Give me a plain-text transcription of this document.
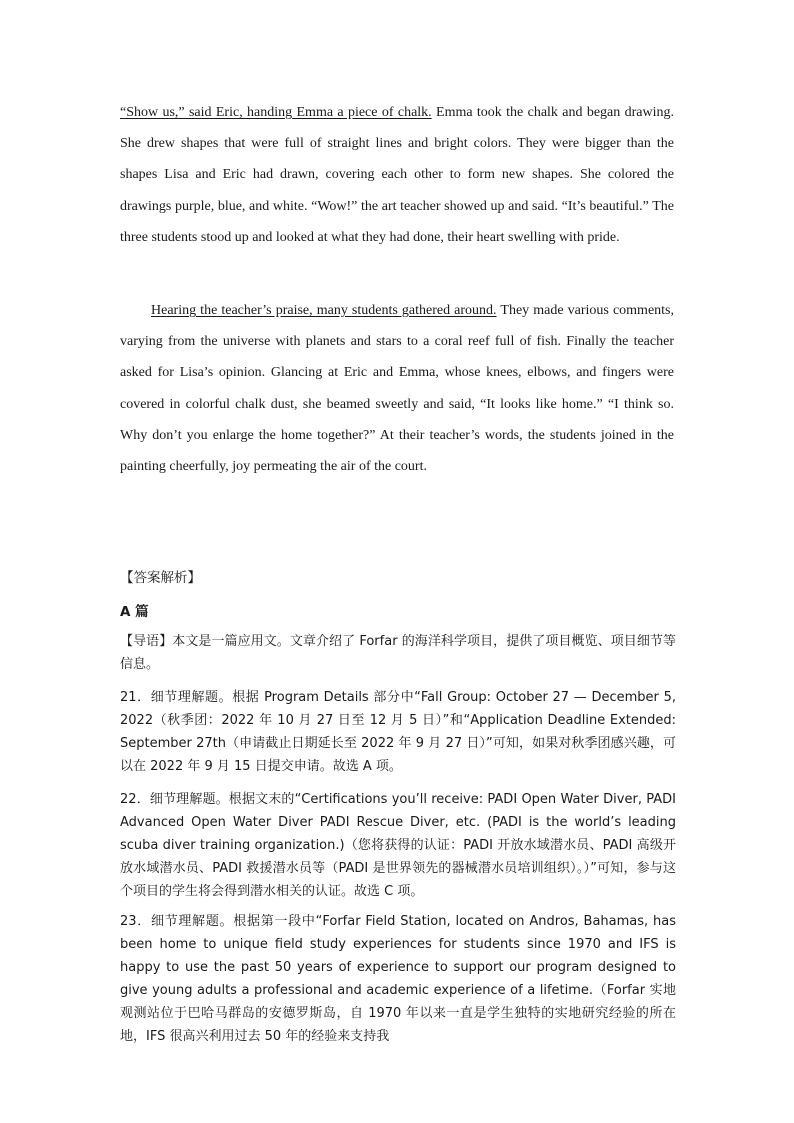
“Show us,” said Eric, handing Emma a piece of chalk. Emma took the chalk and began drawing. She drew shapes that were full of straight lines and bright colors. They were bigger than the shapes Lisa and Eric had drawn, covering each other to form new shapes. She colored the drawings purple, blue, and white. “Wow!” the art teacher showed up and said. “It’s beautiful.” The three students stood up and looked at what they had done, their heart swelling with pride.

Hearing the teacher’s praise, many students gathered around. They made various comments, varying from the universe with planets and stars to a coral reef full of fish. Finally the teacher asked for Lisa’s opinion. Glancing at Eric and Emma, whose knees, elbows, and fingers were covered in colorful chalk dust, she beamed sweetly and said, “It looks like home.” “I think so. Why don’t you enlarge the home together?” At their teacher’s words, the students joined in the painting cheerfully, joy permeating the air of the court.

【答案解析】

A 篇

【导语】本文是一篇应用文。文章介绍了 Forfar 的海洋科学项目，提供了项目概览、项目细节等信息。

21．细节理解题。根据 Program Details 部分中“Fall Group: October 27 — December 5, 2022（秋季团：2022 年 10 月 27 日至 12 月 5 日）”和“Application Deadline Extended: September 27th（申请截止日期延长至 2022 年 9 月 27 日）”可知，如果对秋季团感兴趣，可以在 2022 年 9 月 15 日提交申请。故选 A 项。

22．细节理解题。根据文末的“Certifications you’ll receive: PADI Open Water Diver, PADI Advanced Open Water Diver PADI Rescue Diver, etc. (PADI is the world’s leading scuba diver training organization.)（您将获得的认证：PADI 开放水域潜水员、PADI 高级开放水域潜水员、PADI 救援潜水员等（PADI 是世界领先的器械潜水员培训组织）。）”可知，参与这个项目的学生将会得到潜水相关的认证。故选 C 项。

23．细节理解题。根据第一段中“Forfar Field Station, located on Andros, Bahamas, has been home to unique field study experiences for students since 1970 and IFS is happy to use the past 50 years of experience to support our program designed to give young adults a professional and academic experience of a lifetime.（Forfar 实地观测站位于巴哈马群岛的安德罗斯岛，自 1970 年以来一直是学生独特的实地研究经验的所在地，IFS 很高兴利用过去 50 年的经验来支持我
